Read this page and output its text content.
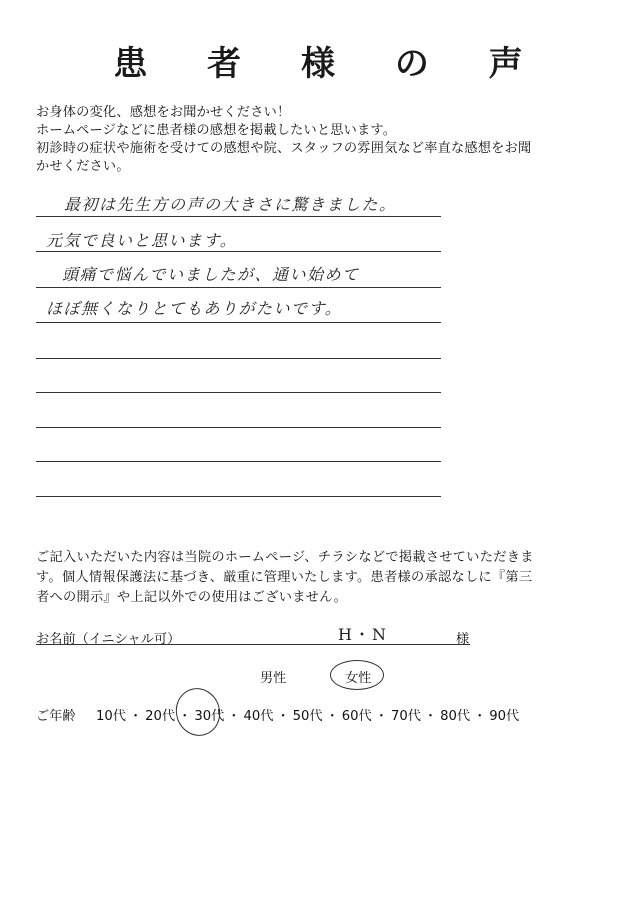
患 者 様 の 声

お身体の変化、感想をお聞かせください！

ホームページなどに患者様の感想を掲載したいと思います。

初診時の症状や施術を受けての感想や院、スタッフの雰囲気など率直な感想をお聞

かせください。

最初は先生方の声の大きさに驚きました。
元気で良いと思います。
頭痛で悩んでいましたが、通い始めて
ほぼ無くなりとてもありがたいです。

ご記入いただいた内容は当院のホームページ、チラシなどで掲載させていただきま

す。個人情報保護法に基づき、厳重に管理いたします。患者様の承認なしに『第三

者への開示』や上記以外での使用はございません。

お名前（イニシャル可）	H・N	様
男性	女性
ご年齢 10代 ・ 20代 ・ 30代 ・ 40代 ・ 50代 ・ 60代 ・ 70代 ・ 80代 ・ 90代
